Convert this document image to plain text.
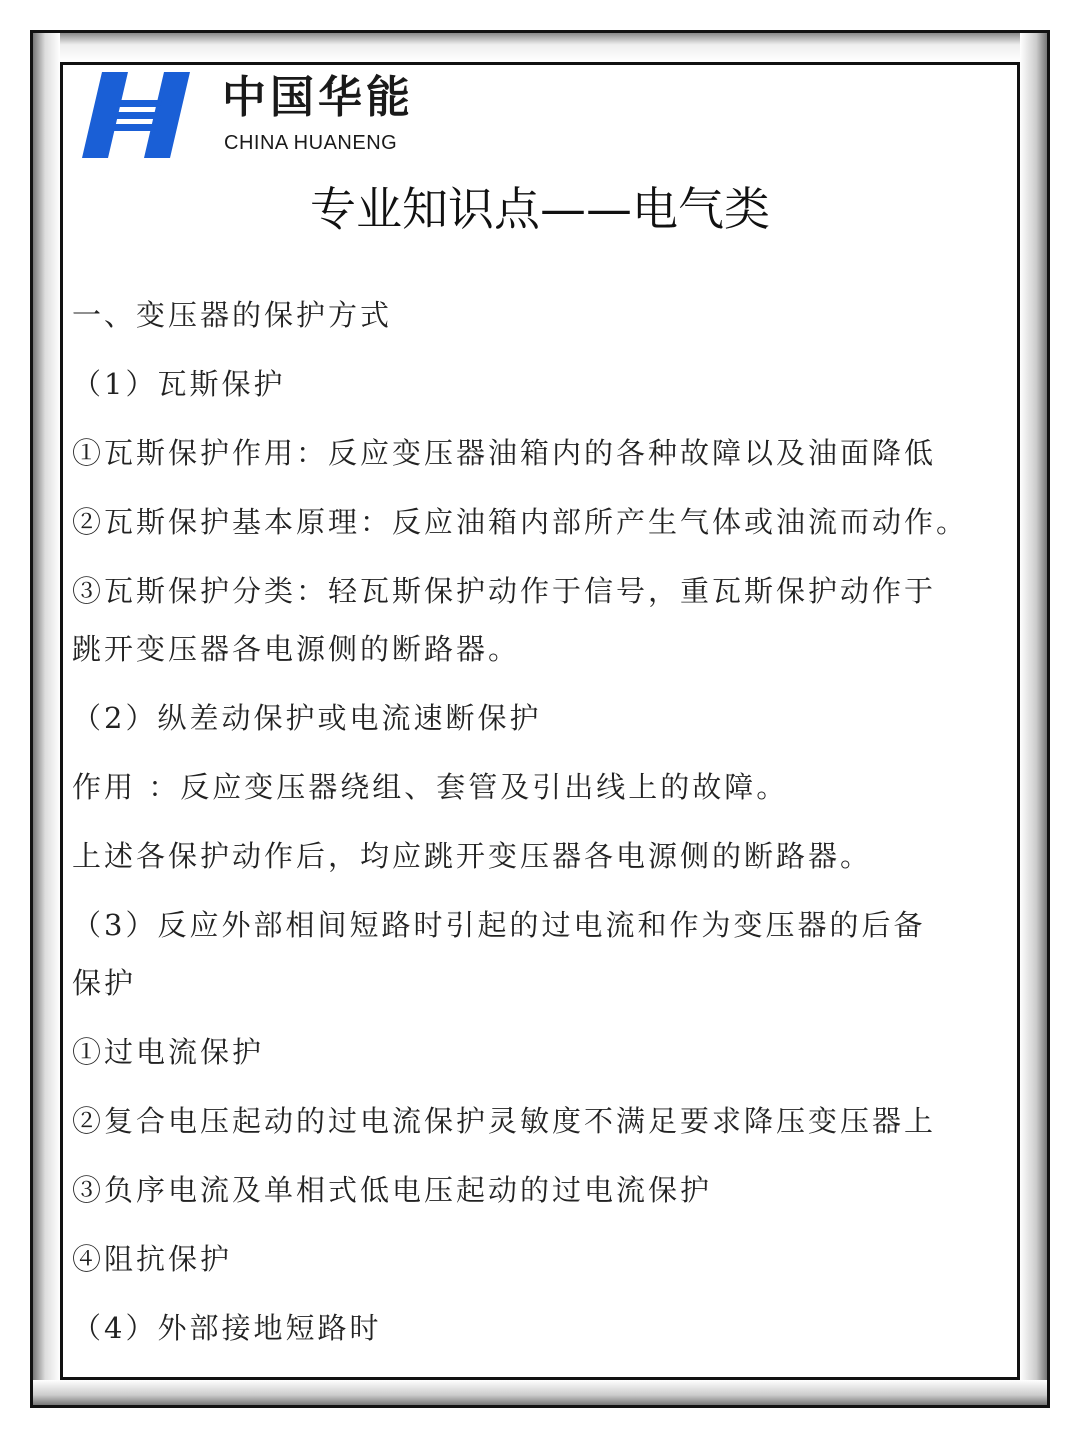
中国华能
CHINA HUANENG
专业知识点——电气类
一、变压器的保护方式
（1）瓦斯保护
①瓦斯保护作用：反应变压器油箱内的各种故障以及油面降低
②瓦斯保护基本原理：反应油箱内部所产生气体或油流而动作。
③瓦斯保护分类：轻瓦斯保护动作于信号，重瓦斯保护动作于
跳开变压器各电源侧的断路器。
（2）纵差动保护或电流速断保护
作用 ：反应变压器绕组、套管及引出线上的故障。
上述各保护动作后，均应跳开变压器各电源侧的断路器。
（3）反应外部相间短路时引起的过电流和作为变压器的后备
保护
①过电流保护
②复合电压起动的过电流保护灵敏度不满足要求降压变压器上
③负序电流及单相式低电压起动的过电流保护
④阻抗保护
（4）外部接地短路时
